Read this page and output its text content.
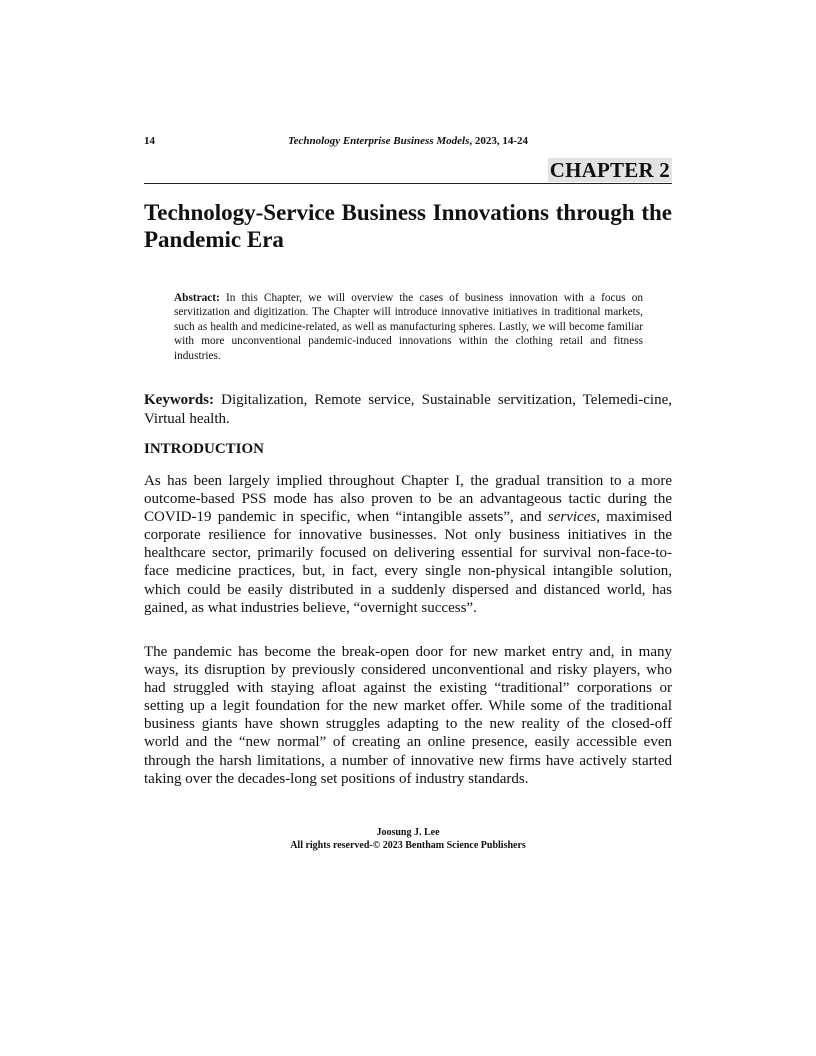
14	Technology Enterprise Business Models, 2023, 14-24
CHAPTER 2
Technology-Service Business Innovations through the Pandemic Era

Abstract: In this Chapter, we will overview the cases of business innovation with a focus on servitization and digitization. The Chapter will introduce innovative initiatives in traditional markets, such as health and medicine-related, as well as manufacturing spheres. Lastly, we will become familiar with more unconventional pandemic-induced innovations within the clothing retail and fitness industries.

Keywords: Digitalization, Remote service, Sustainable servitization, Telemedi-cine, Virtual health.

INTRODUCTION

As has been largely implied throughout Chapter I, the gradual transition to a more outcome-based PSS mode has also proven to be an advantageous tactic during the COVID-19 pandemic in specific, when “intangible assets”, and services, maximised corporate resilience for innovative businesses. Not only business initiatives in the healthcare sector, primarily focused on delivering essential for survival non-face-to-face medicine practices, but, in fact, every single non-physical intangible solution, which could be easily distributed in a suddenly dispersed and distanced world, has gained, as what industries believe, “overnight success”.

The pandemic has become the break-open door for new market entry and, in many ways, its disruption by previously considered unconventional and risky players, who had struggled with staying afloat against the existing “traditional” corporations or setting up a legit foundation for the new market offer. While some of the traditional business giants have shown struggles adapting to the new reality of the closed-off world and the “new normal” of creating an online presence, easily accessible even through the harsh limitations, a number of innovative new firms have actively started taking over the decades-long set positions of industry standards.

Joosung J. Lee
All rights reserved-© 2023 Bentham Science Publishers
